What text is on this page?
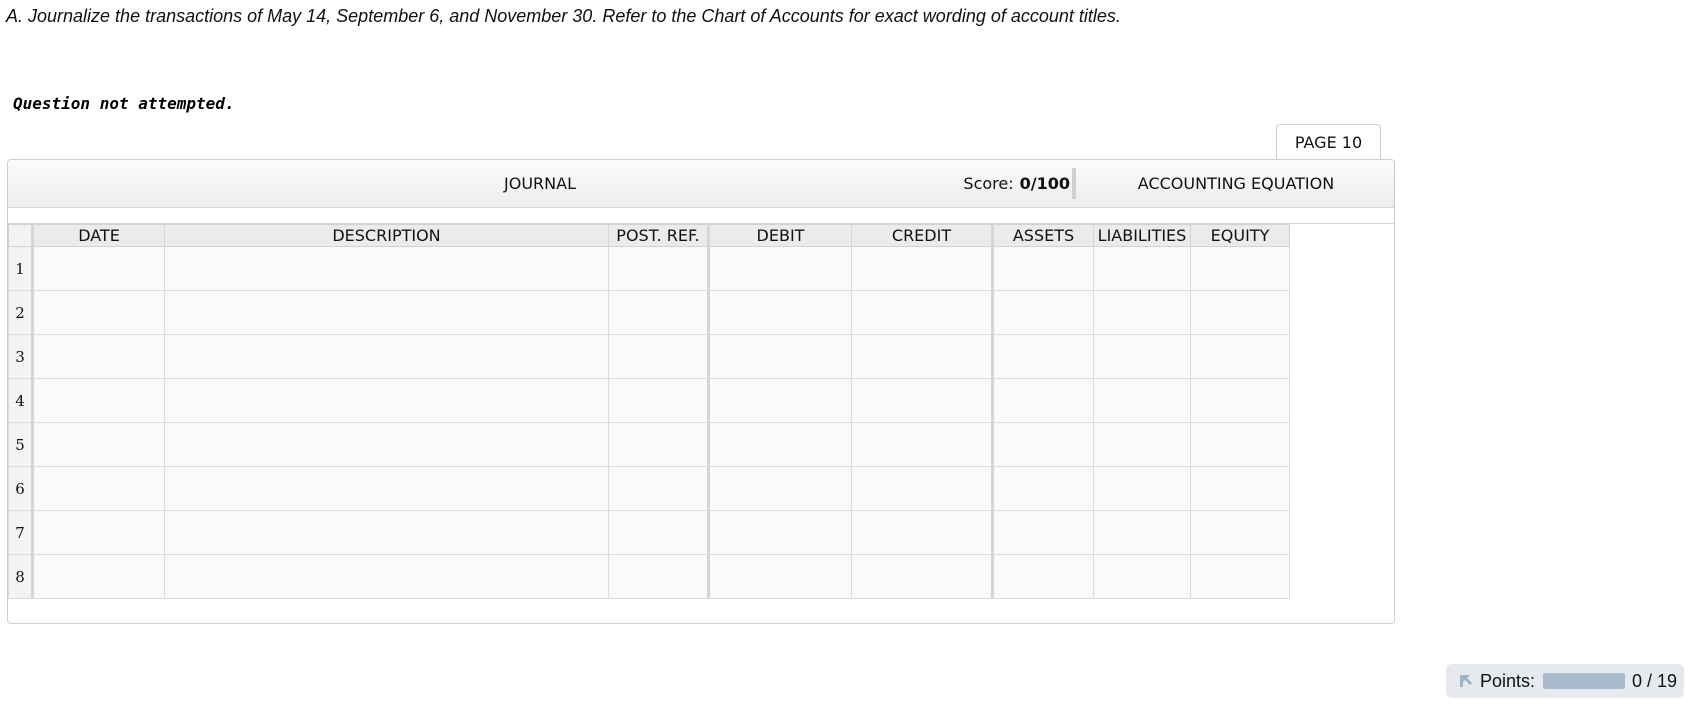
A. Journalize the transactions of May 14, September 6, and November 30. Refer to the Chart of Accounts for exact wording of account titles.

Question not attempted.

PAGE 10
JOURNAL	Score: 0/100	ACCOUNTING EQUATION
	DATE	DESCRIPTION	POST. REF.	DEBIT	CREDIT	ASSETS	LIABILITIES	EQUITY
1								
2								
3								
4								
5								
6								
7								
8								
Points:	0 / 19
